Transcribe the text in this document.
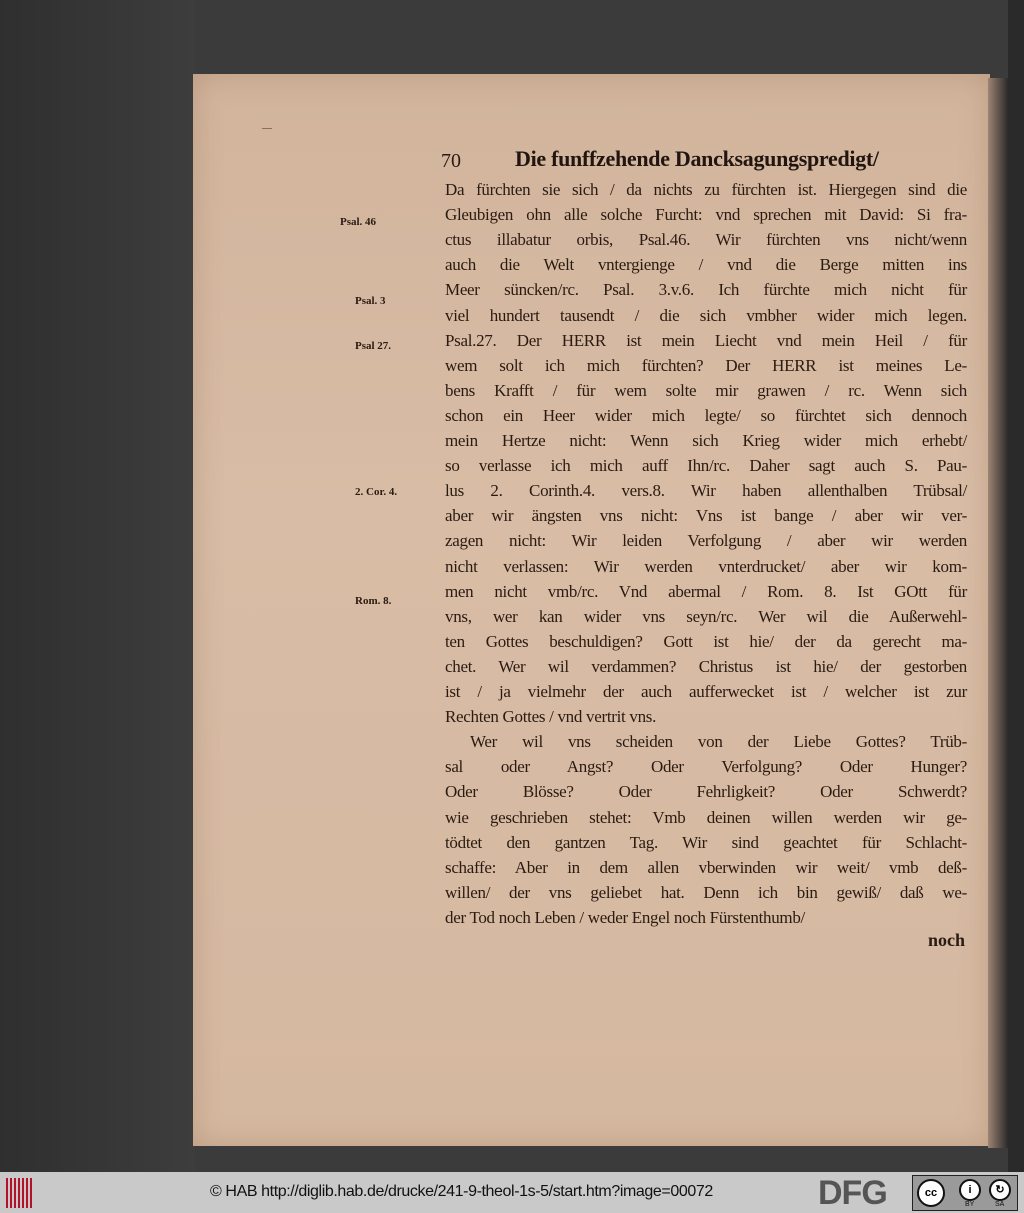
70 Die funffzehende Dancksagungspredigt/
Da fürchten sie sich / da nichts zu fürchten ist. Hiergegen sind die
Gleubigen ohn alle solche Furcht: vnd sprechen mit David: Si fra-
ctus illabatur orbis, Psal.46. Wir fürchten vns nicht/wenn
auch die Welt vntergienge / vnd die Berge mitten ins
Meer süncken/rc. Psal. 3.v.6. Ich fürchte mich nicht für
viel hundert tausendt / die sich vmbher wider mich legen.
Psal.27. Der HERR ist mein Liecht vnd mein Heil / für
wem solt ich mich fürchten? Der HERR ist meines Le-
bens Krafft / für wem solte mir grawen / rc. Wenn sich
schon ein Heer wider mich legte/ so fürchtet sich dennoch
mein Hertze nicht: Wenn sich Krieg wider mich erhebt/
so verlasse ich mich auff Ihn/rc. Daher sagt auch S. Pau-
lus 2. Corinth.4. vers.8. Wir haben allenthalben Trübsal/
aber wir ängsten vns nicht: Vns ist bange / aber wir ver-
zagen nicht: Wir leiden Verfolgung / aber wir werden
nicht verlassen: Wir werden vnterdrucket/ aber wir kom-
men nicht vmb/rc. Vnd abermal / Rom. 8. Ist GOtt für
vns, wer kan wider vns seyn/rc. Wer wil die Außerwehl-
ten Gottes beschuldigen? Gott ist hie/ der da gerecht ma-
chet. Wer wil verdammen? Christus ist hie/ der gestorben
ist / ja vielmehr der auch aufferwecket ist / welcher ist zur
Rechten Gottes / vnd vertrit vns.
Wer wil vns scheiden von der Liebe Gottes? Trüb-
sal oder Angst? Oder Verfolgung? Oder Hunger?
Oder Blösse? Oder Fehrligkeit? Oder Schwerdt?
wie geschrieben stehet: Vmb deinen willen werden wir ge-
tödtet den gantzen Tag. Wir sind geachtet für Schlacht-
schaffe: Aber in dem allen vberwinden wir weit/ vmb deß-
willen/ der vns geliebet hat. Denn ich bin gewiß/ daß we-
der Tod noch Leben / weder Engel noch Fürstenthumb/
Psal. 46
Psal. 3
Psal 27.
2. Cor. 4.
Rom. 8.
noch
© HAB http://diglib.hab.de/drucke/241-9-theol-1s-5/start.htm?image=00072	DFG	cc	i	↻
BY	SA
